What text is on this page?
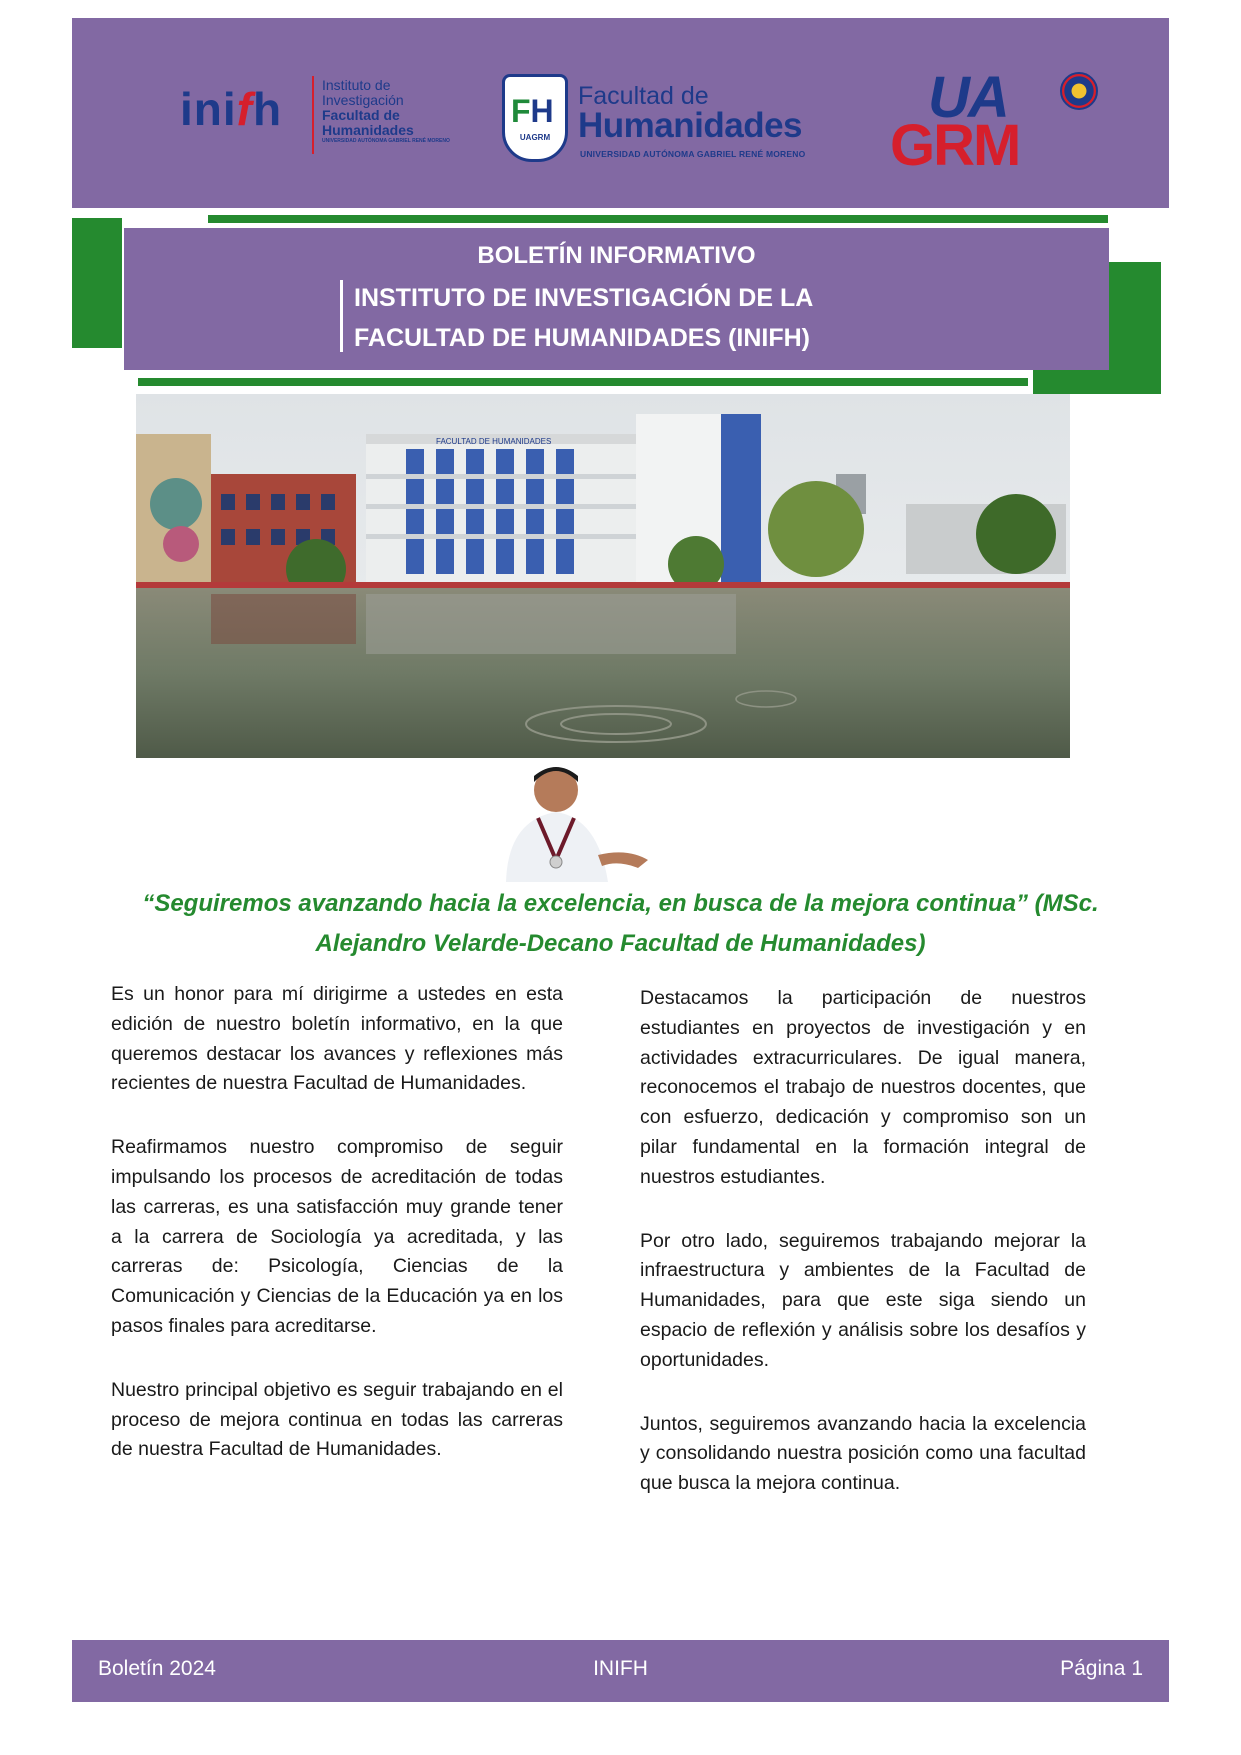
inifh	Instituto de
Investigación
Facultad de
Humanidades
UNIVERSIDAD AUTÓNOMA GABRIEL RENÉ MORENO
FH
UAGRM
Facultad de
Humanidades
UNIVERSIDAD AUTÓNOMA GABRIEL RENÉ MORENO
UA
GRM
BOLETÍN INFORMATIVO
INSTITUTO DE INVESTIGACIÓN DE LA
FACULTAD DE HUMANIDADES (INIFH)
FACULTAD DE HUMANIDADES
“Seguiremos avanzando hacia la excelencia, en busca de la mejora continua” (MSc. Alejandro Velarde-Decano Facultad de Humanidades)

Es un honor para mí dirigirme a ustedes en esta edición de nuestro boletín informativo, en la que queremos destacar los avances y reflexiones más recientes de nuestra Facultad de Humanidades.

Reafirmamos nuestro compromiso de seguir impulsando los procesos de acreditación de todas las carreras, es una satisfacción muy grande tener a la carrera de Sociología ya acreditada, y las carreras de: Psicología, Ciencias de la Comunicación y Ciencias de la Educación ya en los pasos finales para acreditarse.

Nuestro principal objetivo es seguir trabajando en el proceso de mejora continua en todas las carreras de nuestra Facultad de Humanidades.

Destacamos la participación de nuestros estudiantes en proyectos de investigación y en actividades extracurriculares. De igual manera, reconocemos el trabajo de nuestros docentes, que con esfuerzo, dedicación y compromiso son un pilar fundamental en la formación integral de nuestros estudiantes.

Por otro lado, seguiremos trabajando mejorar la infraestructura y ambientes de la Facultad de Humanidades, para que este siga siendo un espacio de reflexión y análisis sobre los desafíos y oportunidades.

Juntos, seguiremos avanzando hacia la excelencia y consolidando nuestra posición como una facultad que busca la mejora continua.

Boletín 2024	INIFH	Página 1
